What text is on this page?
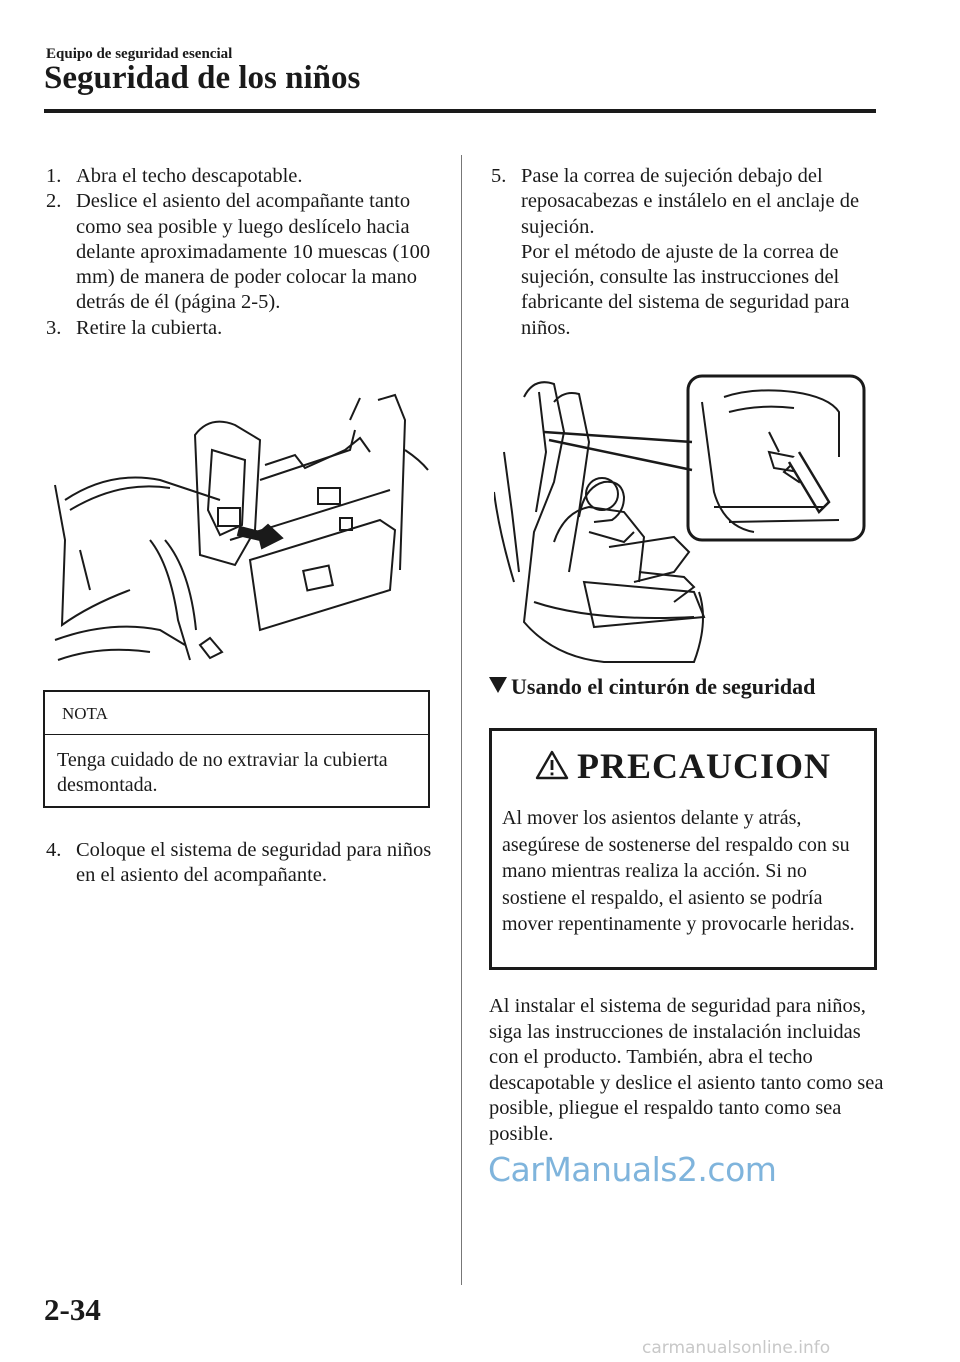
Equipo de seguridad esencial
Seguridad de los niños
1. Abra el techo descapotable.
2. Deslice el asiento del acompañante tanto como sea posible y luego deslícelo hacia delante aproximadamente 10 muescas (100 mm) de manera de poder colocar la mano detrás de él (página 2-5).
3. Retire la cubierta.
NOTA
Tenga cuidado de no extraviar la cubierta desmontada.
4. Coloque el sistema de seguridad para niños en el asiento del acompañante.
5. Pase la correa de sujeción debajo del reposacabezas e instálelo en el anclaje de sujeción.
Por el método de ajuste de la correa de sujeción, consulte las instrucciones del fabricante del sistema de seguridad para niños.
Usando el cinturón de seguridad
PRECAUCION
Al mover los asientos delante y atrás, asegúrese de sostenerse del respaldo con su mano mientras realiza la acción. Si no sostiene el respaldo, el asiento se podría mover repentinamente y provocarle heridas.
Al instalar el sistema de seguridad para niños, siga las instrucciones de instalación incluidas con el producto. También, abra el techo descapotable y deslice el asiento tanto como sea posible, pliegue el respaldo tanto como sea posible.
CarManuals2.com
2-34
carmanualsonline.info
